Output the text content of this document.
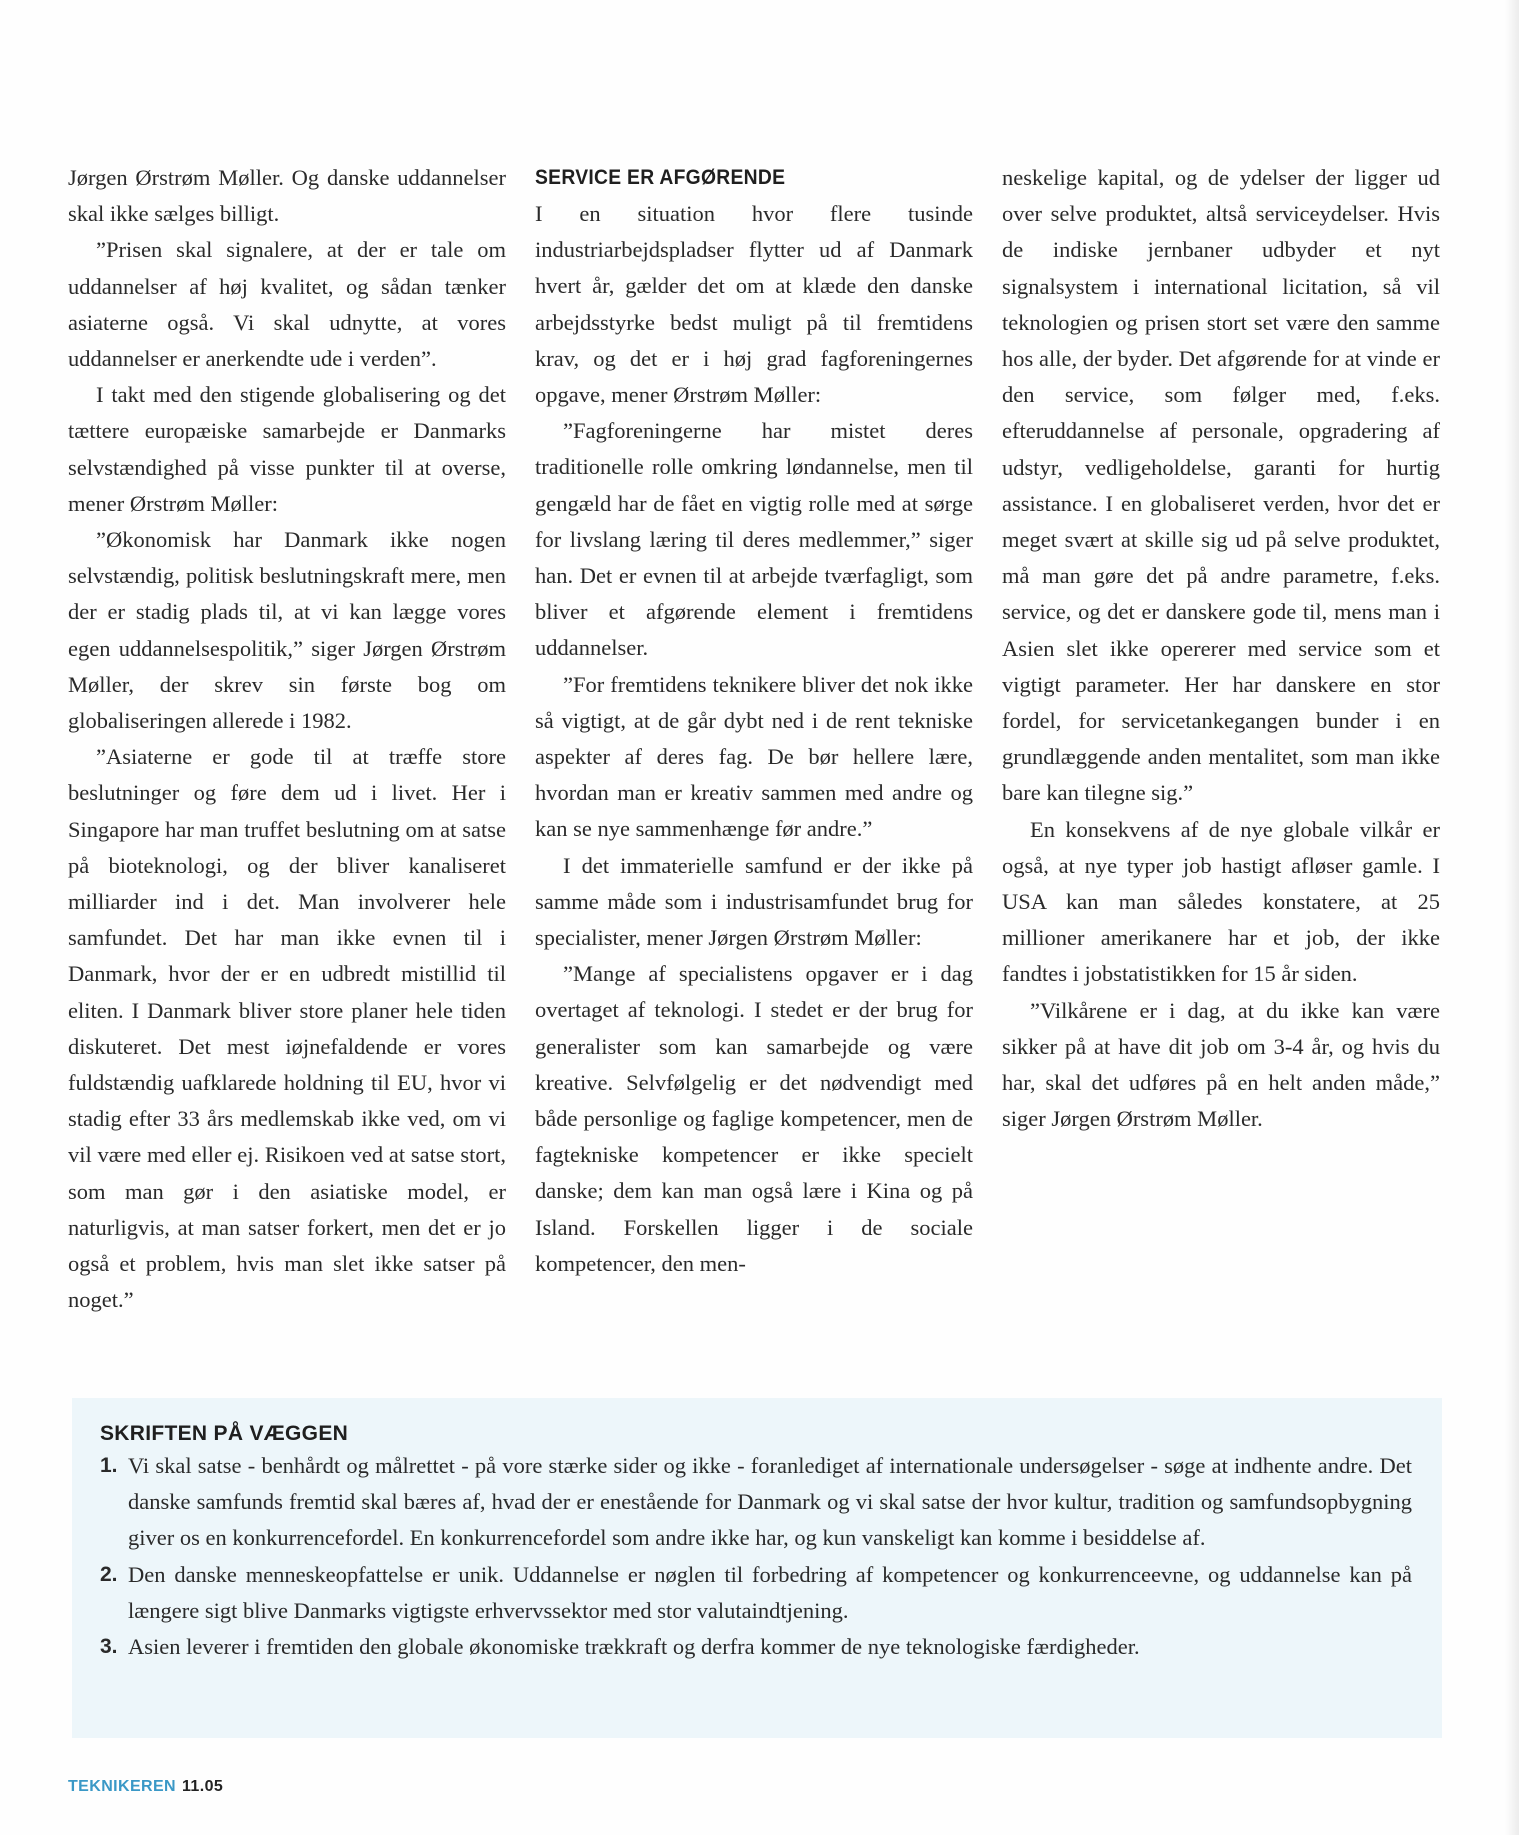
Jørgen Ørstrøm Møller. Og danske uddannelser skal ikke sælges billigt.

”Prisen skal signalere, at der er tale om uddannelser af høj kvalitet, og sådan tænker asiaterne også. Vi skal udnytte, at vores uddannelser er anerkendte ude i verden”.

I takt med den stigende globalisering og det tættere europæiske samarbejde er Danmarks selvstændighed på visse punkter til at overse, mener Ørstrøm Møller:

”Økonomisk har Danmark ikke nogen selvstændig, politisk beslutningskraft mere, men der er stadig plads til, at vi kan lægge vores egen uddannelsespolitik,” siger Jørgen Ørstrøm Møller, der skrev sin første bog om globaliseringen allerede i 1982.

”Asiaterne er gode til at træffe store beslutninger og føre dem ud i livet. Her i Singapore har man truffet beslutning om at satse på bioteknologi, og der bliver kanaliseret milliarder ind i det. Man involverer hele samfundet. Det har man ikke evnen til i Danmark, hvor der er en udbredt mistillid til eliten. I Danmark bliver store planer hele tiden diskuteret. Det mest iøjnefaldende er vores fuldstændig uafklarede holdning til EU, hvor vi stadig efter 33 års medlemskab ikke ved, om vi vil være med eller ej. Risikoen ved at satse stort, som man gør i den asiatiske model, er naturligvis, at man satser forkert, men det er jo også et problem, hvis man slet ikke satser på noget.”

SERVICE ER AFGØRENDE

I en situation hvor flere tusinde industriarbejdspladser flytter ud af Danmark hvert år, gælder det om at klæde den danske arbejdsstyrke bedst muligt på til fremtidens krav, og det er i høj grad fagforeningernes opgave, mener Ørstrøm Møller:

”Fagforeningerne har mistet deres traditionelle rolle omkring løndannelse, men til gengæld har de fået en vigtig rolle med at sørge for livslang læring til deres medlemmer,” siger han. Det er evnen til at arbejde tværfagligt, som bliver et afgørende element i fremtidens uddannelser.

”For fremtidens teknikere bliver det nok ikke så vigtigt, at de går dybt ned i de rent tekniske aspekter af deres fag. De bør hellere lære, hvordan man er kreativ sammen med andre og kan se nye sammenhænge før andre.”

I det immaterielle samfund er der ikke på samme måde som i industrisamfundet brug for specialister, mener Jørgen Ørstrøm Møller:

”Mange af specialistens opgaver er i dag overtaget af teknologi. I stedet er der brug for generalister som kan samarbejde og være kreative. Selvfølgelig er det nødvendigt med både personlige og faglige kompetencer, men de fagtekniske kompetencer er ikke specielt danske; dem kan man også lære i Kina og på Island. Forskellen ligger i de sociale kompetencer, den men-

neskelige kapital, og de ydelser der ligger ud over selve produktet, altså serviceydelser. Hvis de indiske jernbaner udbyder et nyt signalsystem i international licitation, så vil teknologien og prisen stort set være den samme hos alle, der byder. Det afgørende for at vinde er den service, som følger med, f.eks. efteruddannelse af personale, opgradering af udstyr, vedligeholdelse, garanti for hurtig assistance. I en globaliseret verden, hvor det er meget svært at skille sig ud på selve produktet, må man gøre det på andre parametre, f.eks. service, og det er danskere gode til, mens man i Asien slet ikke opererer med service som et vigtigt parameter. Her har danskere en stor fordel, for servicetankegangen bunder i en grundlæggende anden mentalitet, som man ikke bare kan tilegne sig.”

En konsekvens af de nye globale vilkår er også, at nye typer job hastigt afløser gamle. I USA kan man således konstatere, at 25 millioner amerikanere har et job, der ikke fandtes i jobstatistikken for 15 år siden.

”Vilkårene er i dag, at du ikke kan være sikker på at have dit job om 3-4 år, og hvis du har, skal det udføres på en helt anden måde,” siger Jørgen Ørstrøm Møller.

SKRIFTEN PÅ VÆGGEN
1. Vi skal satse - benhårdt og målrettet - på vore stærke sider og ikke - foranlediget af internationale undersøgelser - søge at indhente andre. Det danske samfunds fremtid skal bæres af, hvad der er enestående for Danmark og vi skal satse der hvor kultur, tradition og samfundsopbygning giver os en konkurrencefordel. En konkurrencefordel som andre ikke har, og kun vanskeligt kan komme i besiddelse af.
2. Den danske menneskeopfattelse er unik. Uddannelse er nøglen til forbedring af kompetencer og konkurrenceevne, og uddannelse kan på længere sigt blive Danmarks vigtigste erhvervssektor med stor valutaindtjening.
3. Asien leverer i fremtiden den globale økonomiske trækkraft og derfra kommer de nye teknologiske færdigheder.
TEKNIKEREN 11.05
